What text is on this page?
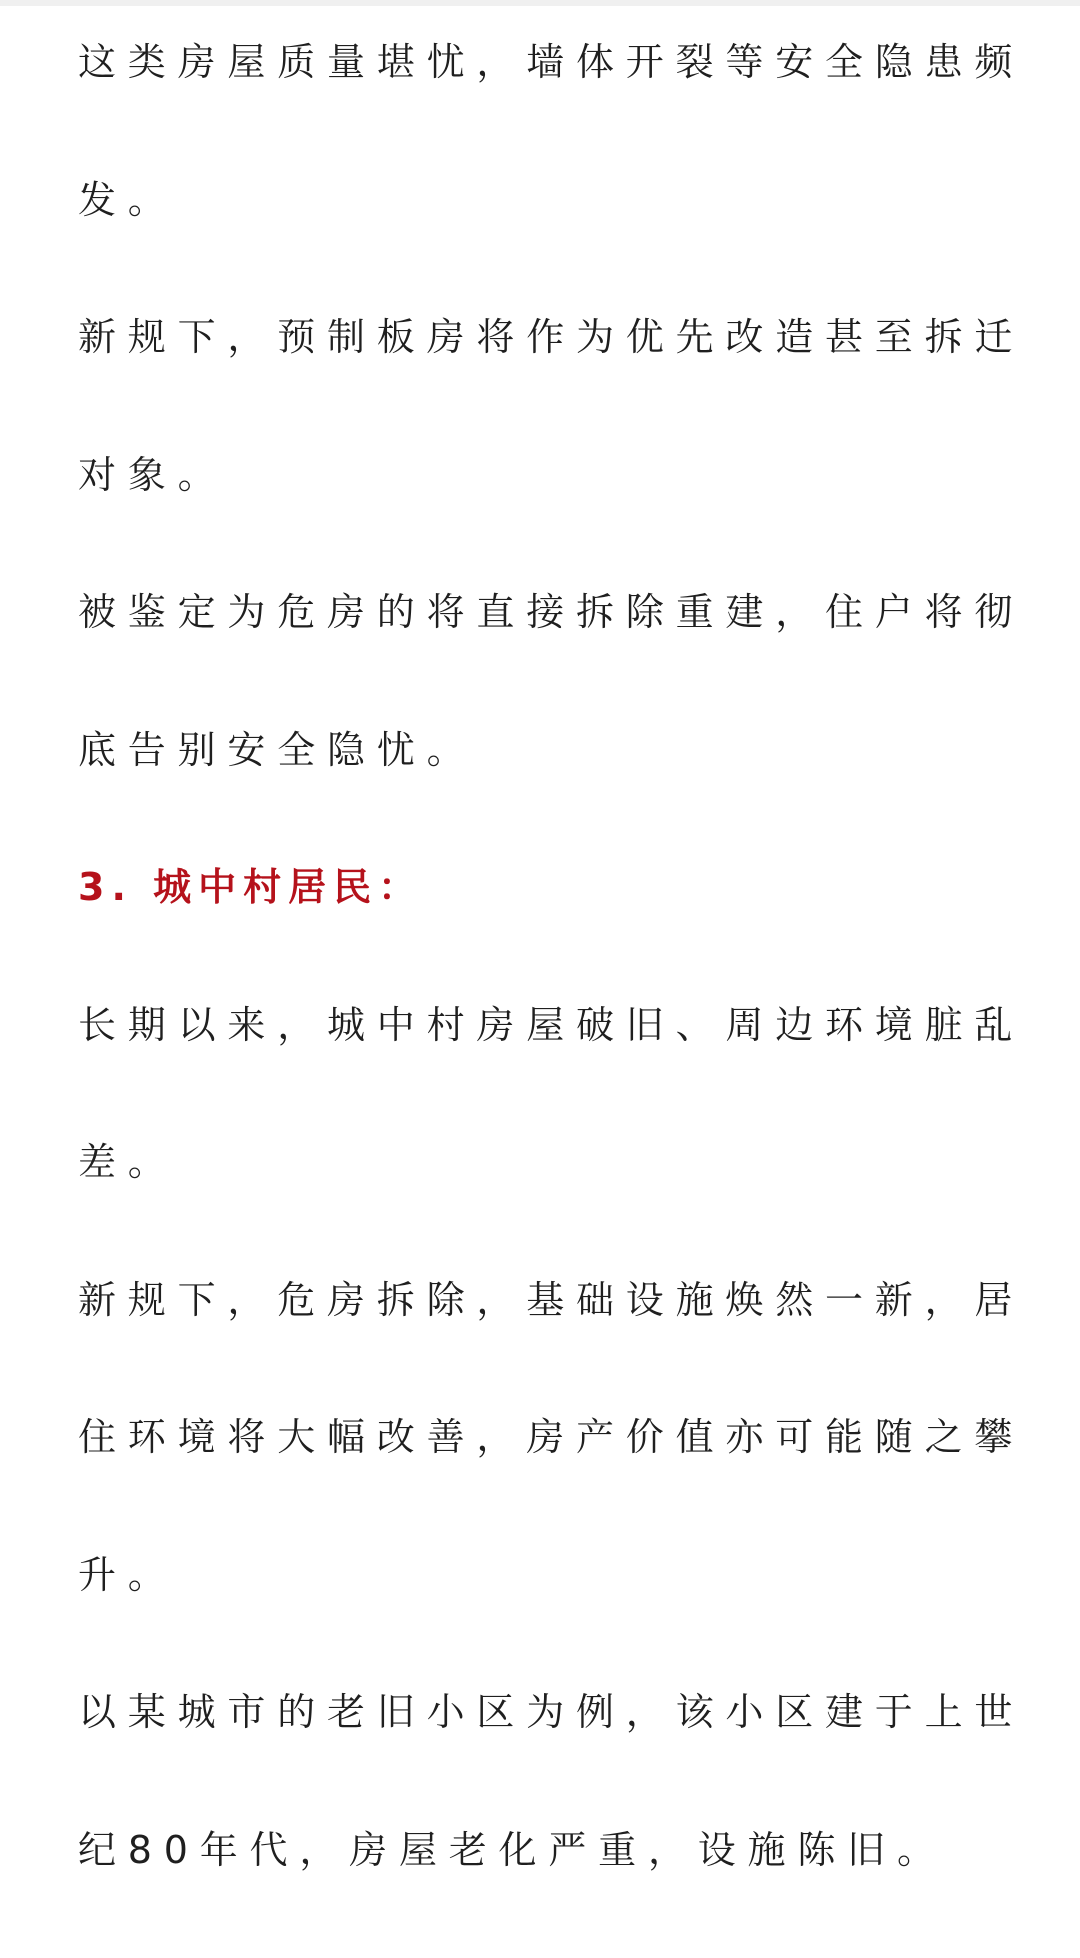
这类房屋质量堪忧，墙体开裂等安全隐患频
发。
新规下，预制板房将作为优先改造甚至拆迁
对象。
被鉴定为危房的将直接拆除重建，住户将彻
底告别安全隐忧。
3. 城中村居民：
长期以来，城中村房屋破旧、周边环境脏乱
差。
新规下，危房拆除，基础设施焕然一新，居
住环境将大幅改善，房产价值亦可能随之攀
升。
以某城市的老旧小区为例，该小区建于上世
纪80年代，房屋老化严重，设施陈旧。
